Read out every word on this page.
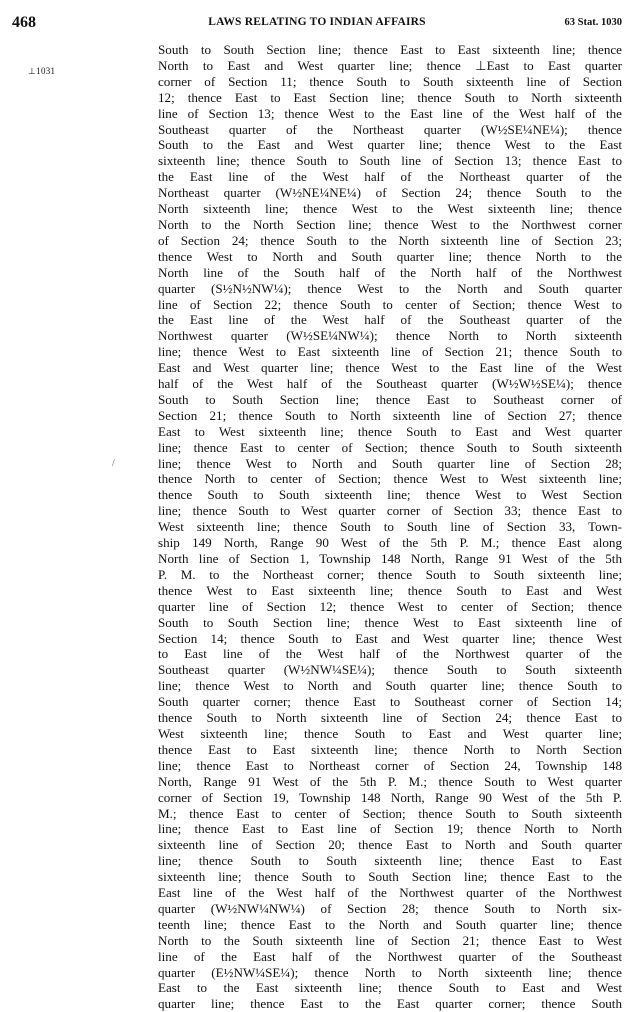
468	LAWS RELATING TO INDIAN AFFAIRS	63 Stat. 1030
⊥1031
/
South to South Section line; thence East to East sixteenth line; thence
North to East and West quarter line; thence ⊥East to East quarter
corner of Section 11; thence South to South sixteenth line of Section
12; thence East to East Section line; thence South to North sixteenth
line of Section 13; thence West to the East line of the West half of the
Southeast quarter of the Northeast quarter (W½SE¼NE¼); thence
South to the East and West quarter line; thence West to the East
sixteenth line; thence South to South line of Section 13; thence East to
the East line of the West half of the Northeast quarter of the
Northeast quarter (W½NE¼NE¼) of Section 24; thence South to the
North sixteenth line; thence West to the West sixteenth line; thence
North to the North Section line; thence West to the Northwest corner
of Section 24; thence South to the North sixteenth line of Section 23;
thence West to North and South quarter line; thence North to the
North line of the South half of the North half of the Northwest
quarter (S½N½NW¼); thence West to the North and South quarter
line of Section 22; thence South to center of Section; thence West to
the East line of the West half of the Southeast quarter of the
Northwest quarter (W½SE¼NW¼); thence North to North sixteenth
line; thence West to East sixteenth line of Section 21; thence South to
East and West quarter line; thence West to the East line of the West
half of the West half of the Southeast quarter (W½W½SE¼); thence
South to South Section line; thence East to Southeast corner of
Section 21; thence South to North sixteenth line of Section 27; thence
East to West sixteenth line; thence South to East and West quarter
line; thence East to center of Section; thence South to South sixteenth
line; thence West to North and South quarter line of Section 28;
thence North to center of Section; thence West to West sixteenth line;
thence South to South sixteenth line; thence West to West Section
line; thence South to West quarter corner of Section 33; thence East to
West sixteenth line; thence South to South line of Section 33, Town-
ship 149 North, Range 90 West of the 5th P. M.; thence East along
North line of Section 1, Township 148 North, Range 91 West of the 5th
P. M. to the Northeast corner; thence South to South sixteenth line;
thence West to East sixteenth line; thence South to East and West
quarter line of Section 12; thence West to center of Section; thence
South to South Section line; thence West to East sixteenth line of
Section 14; thence South to East and West quarter line; thence West
to East line of the West half of the Northwest quarter of the
Southeast quarter (W½NW¼SE¼); thence South to South sixteenth
line; thence West to North and South quarter line; thence South to
South quarter corner; thence East to Southeast corner of Section 14;
thence South to North sixteenth line of Section 24; thence East to
West sixteenth line; thence South to East and West quarter line;
thence East to East sixteenth line; thence North to North Section
line; thence East to Northeast corner of Section 24, Township 148
North, Range 91 West of the 5th P. M.; thence South to West quarter
corner of Section 19, Township 148 North, Range 90 West of the 5th P.
M.; thence East to center of Section; thence South to South sixteenth
line; thence East to East line of Section 19; thence North to North
sixteenth line of Section 20; thence East to North and South quarter
line; thence South to South sixteenth line; thence East to East
sixteenth line; thence South to South Section line; thence East to the
East line of the West half of the Northwest quarter of the Northwest
quarter (W½NW¼NW¼) of Section 28; thence South to North six-
teenth line; thence East to the North and South quarter line; thence
North to the South sixteenth line of Section 21; thence East to West
line of the East half of the Northwest quarter of the Southeast
quarter (E½NW¼SE¼); thence North to North sixteenth line; thence
East to the East sixteenth line; thence South to East and West
quarter line; thence East to the East quarter corner; thence South
